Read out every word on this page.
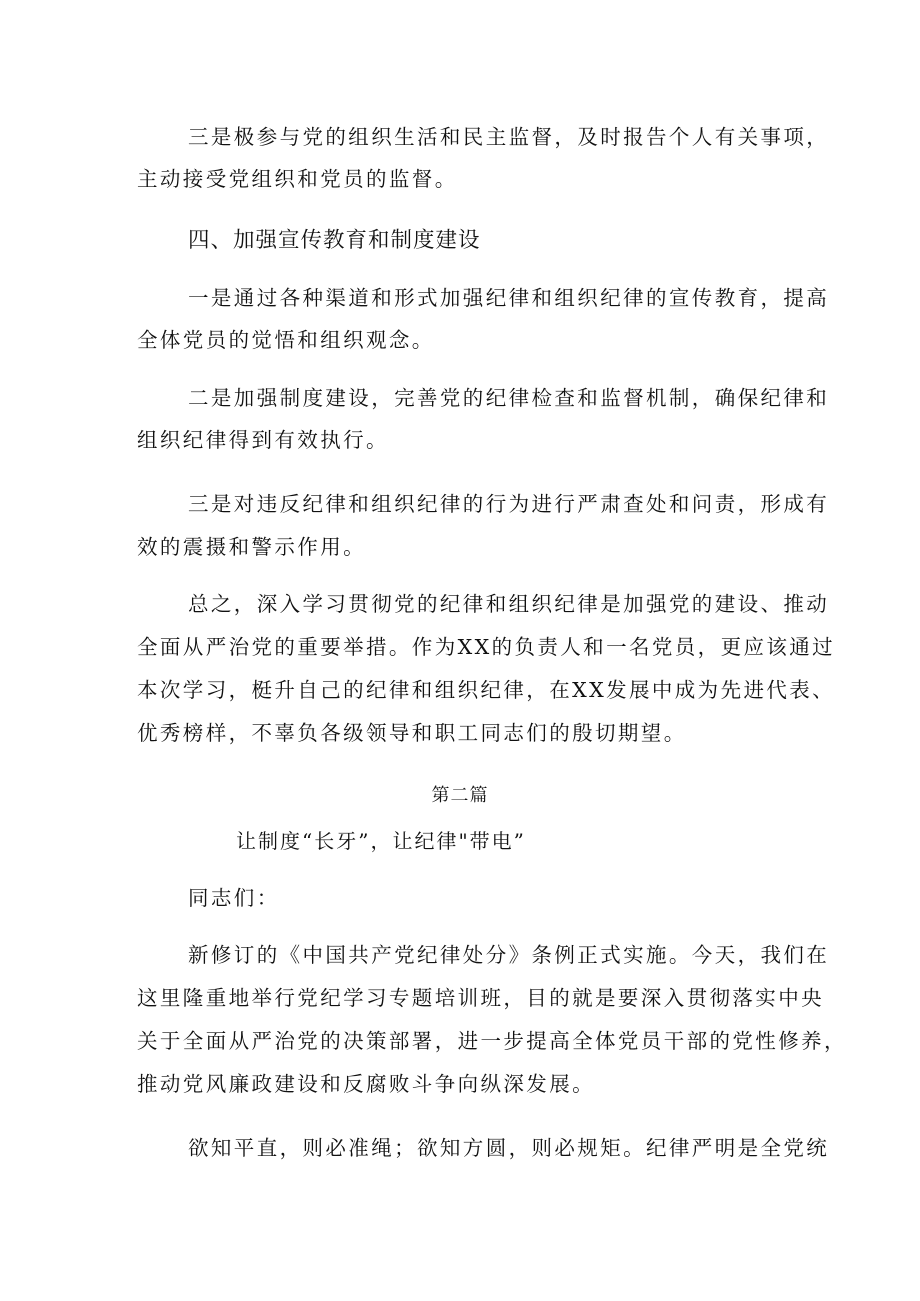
三是极参与党的组织生活和民主监督，及时报告个人有关事项，
主动接受党组织和党员的监督。
四、加强宣传教育和制度建设
一是通过各种渠道和形式加强纪律和组织纪律的宣传教育，提高
全体党员的觉悟和组织观念。
二是加强制度建设，完善党的纪律检查和监督机制，确保纪律和
组织纪律得到有效执行。
三是对违反纪律和组织纪律的行为进行严肃查处和问责，形成有
效的震摄和警示作用。
总之，深入学习贯彻党的纪律和组织纪律是加强党的建设、推动
全面从严治党的重要举措。作为XX的负责人和一名党员，更应该通过
本次学习，梃升自己的纪律和组织纪律，在XX发展中成为先进代表、
优秀榜样，不辜负各级领导和职工同志们的殷切期望。
第二篇
让制度“长牙”，让纪律"带电”
同志们：
新修订的《中国共产党纪律处分》条例正式实施。今天，我们在
这里隆重地举行党纪学习专题培训班，目的就是要深入贯彻落实中央
关于全面从严治党的决策部署，进一步提高全体党员干部的党性修养，
推动党风廉政建设和反腐败斗争向纵深发展。
欲知平直，则必准绳；欲知方圆，则必规矩。纪律严明是全党统
